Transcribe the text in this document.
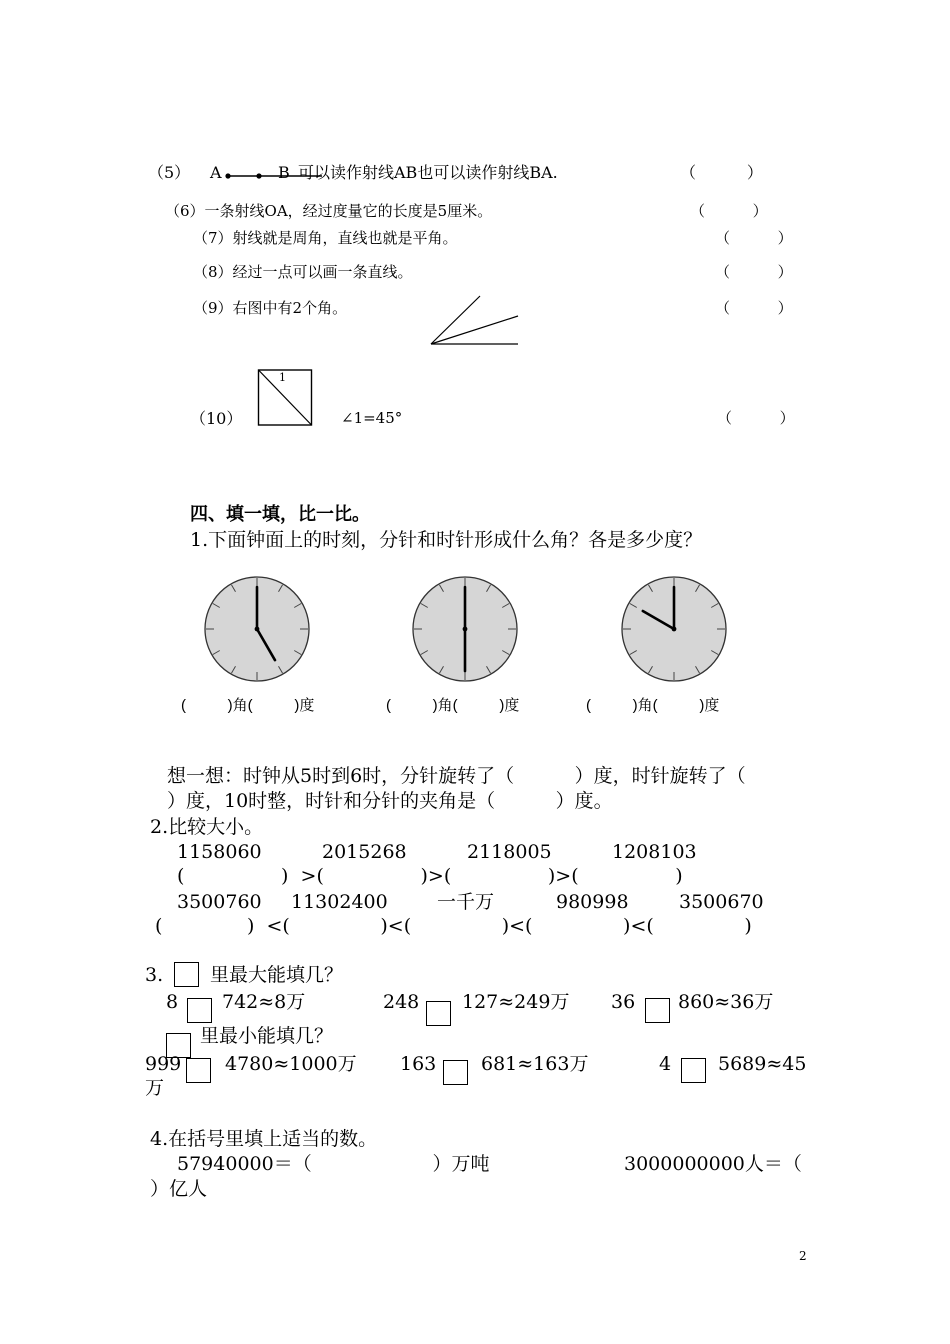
（5） A	B 可以读作射线AB也可以读作射线BA.	（          ）
（6）一条射线OA，经过度量它的长度是5厘米。	（          ）
（7）射线就是周角，直线也就是平角。	（          ）
（8）经过一点可以画一条直线。	（          ）
（9）右图中有2个角。	（          ）
（10）
1
∠1=45°	（          ）
四、填一填，比一比。
1.下面钟面上的时刻，分针和时针形成什么角？各是多少度？
(          )角(          )度	(          )角(          )度	(          )角(          )度
想一想：时钟从5时到6时，分针旋转了（          ）度，时针旋转了（
）度，10时整，时针和分针的夹角是（          ）度。
2.比较大小。
1158060	2015268	2118005	1208103
(                )  >(                )>(                )>(                )
3500760 11302400	一千万	980998	3500670
(              )  <(               )<(               )<(               )<(               )
3. 里最大能填几？
8 742≈8万	248 127≈249万 36 860≈36万
里最小能填几？
999 4780≈1000万 163 681≈163万	4 5689≈45
万
4.在括号里填上适当的数。
57940000＝（                    ）万吨	3000000000人＝（
）亿人
2
